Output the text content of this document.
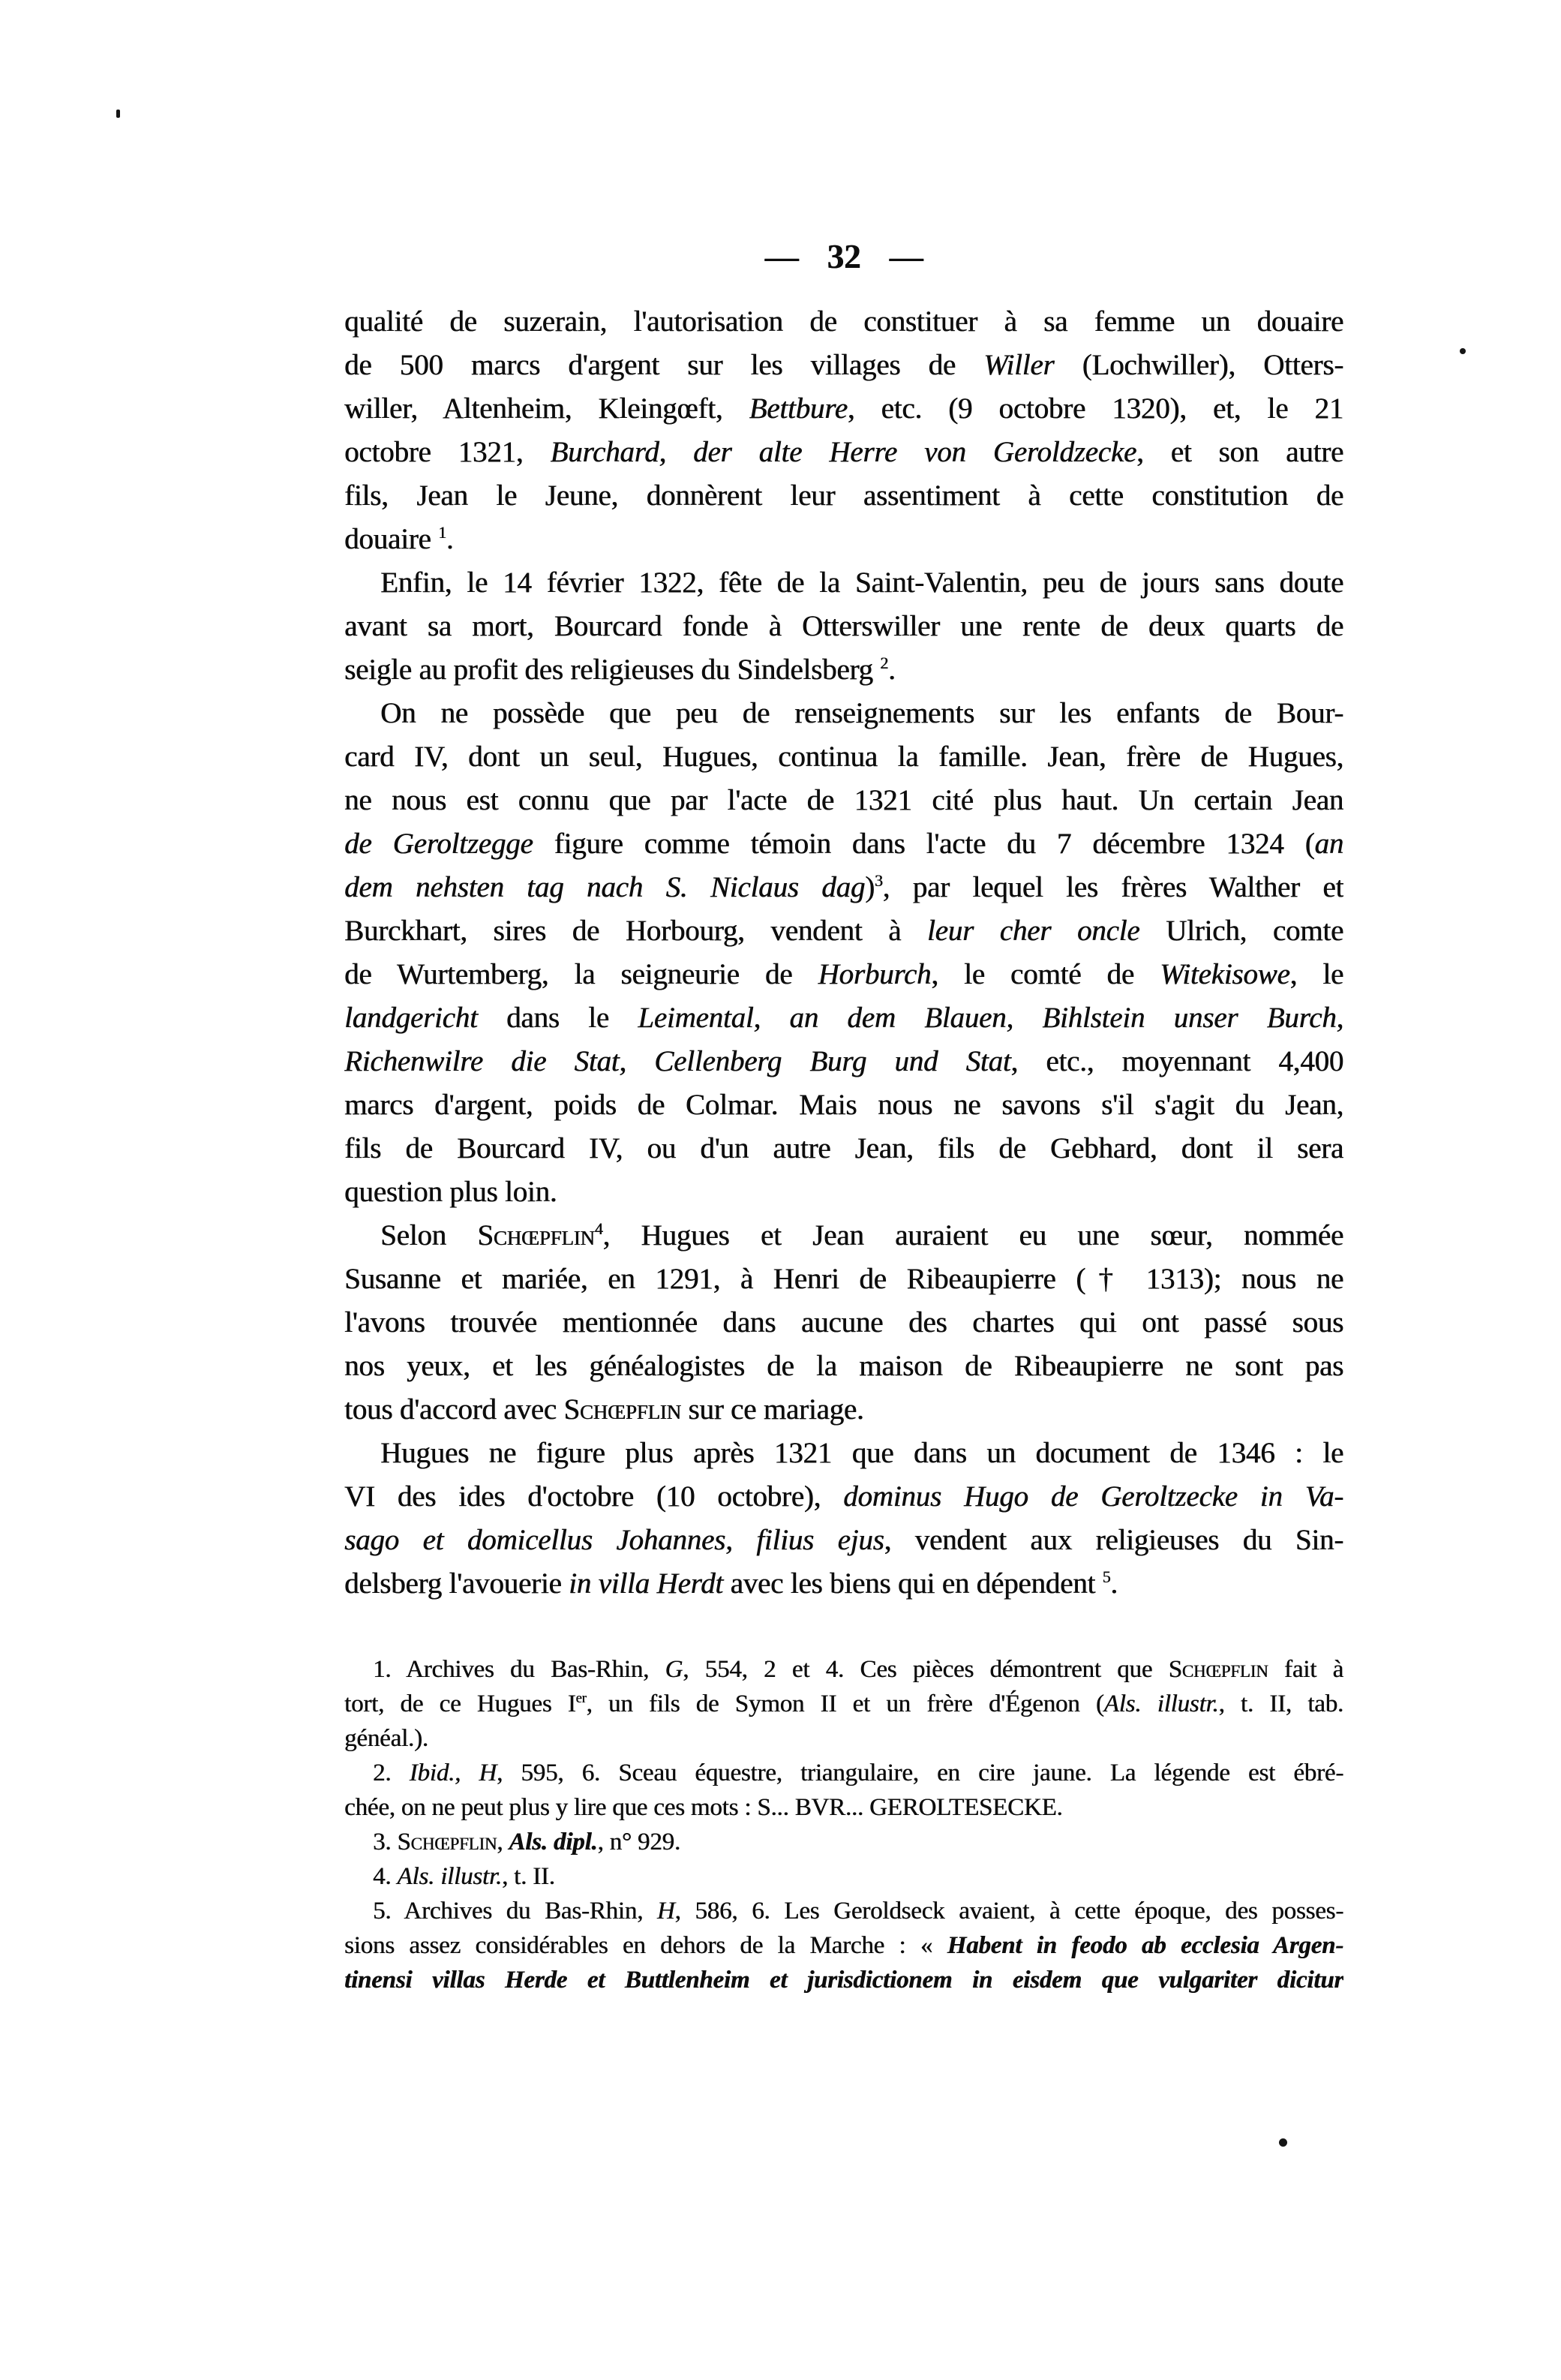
— 32 —
qualité de suzerain, l'autorisation de constituer à sa femme un douaire
de 500 marcs d'argent sur les villages de Willer (Lochwiller), Otters-
willer, Altenheim, Kleingœft, Bettbure, etc. (9 octobre 1320), et, le 21
octobre 1321, Burchard, der alte Herre von Geroldzecke, et son autre
fils, Jean le Jeune, donnèrent leur assentiment à cette constitution de
douaire $^1$.
Enfin, le 14 février 1322, fête de la Saint-Valentin, peu de jours sans doute
avant sa mort, Bourcard fonde à Otterswiller une rente de deux quarts de
seigle au profit des religieuses du Sindelsberg $^2$.
On ne possède que peu de renseignements sur les enfants de Bour-
card IV, dont un seul, Hugues, continua la famille. Jean, frère de Hugues,
ne nous est connu que par l'acte de 1321 cité plus haut. Un certain Jean
de Geroltzegge figure comme témoin dans l'acte du 7 décembre 1324 (an
dem nehsten tag nach S. Niclaus dag)$^3$, par lequel les frères Walther et
Burckhart, sires de Horbourg, vendent à leur cher oncle Ulrich, comte
de Wurtemberg, la seigneurie de Horburch, le comté de Witekisowe, le
landgericht dans le Leimental, an dem Blauen, Bihlstein unser Burch,
Richenwilre die Stat, Cellenberg Burg und Stat, etc., moyennant 4,400
marcs d'argent, poids de Colmar. Mais nous ne savons s'il s'agit du Jean,
fils de Bourcard IV, ou d'un autre Jean, fils de Gebhard, dont il sera
question plus loin.
Selon Schœpflin$^4$, Hugues et Jean auraient eu une sœur, nommée
Susanne et mariée, en 1291, à Henri de Ribeaupierre († 1313); nous ne
l'avons trouvée mentionnée dans aucune des chartes qui ont passé sous
nos yeux, et les généalogistes de la maison de Ribeaupierre ne sont pas
tous d'accord avec Schœpflin sur ce mariage.
Hugues ne figure plus après 1321 que dans un document de 1346 : le
VI des ides d'octobre (10 octobre), dominus Hugo de Geroltzecke in Va-
sago et domicellus Johannes, filius ejus, vendent aux religieuses du Sin-
delsberg l'avouerie in villa Herdt avec les biens qui en dépendent $^5$.
1. Archives du Bas-Rhin, G, 554, 2 et 4. Ces pièces démontrent que Schœpflin fait à
tort, de ce Hugues Ier, un fils de Symon II et un frère d'Égenon (Als. illustr., t. II, tab.
généal.).
2. Ibid., H, 595, 6. Sceau équestre, triangulaire, en cire jaune. La légende est ébré-
chée, on ne peut plus y lire que ces mots : S... BVR... GEROLTESECKE.
3. Schœpflin, Als. dipl., n° 929.
4. Als. illustr., t. II.
5. Archives du Bas-Rhin, H, 586, 6. Les Geroldseck avaient, à cette époque, des posses-
sions assez considérables en dehors de la Marche : « Habent in feodo ab ecclesia Argen-
tinensi villas Herde et Buttlenheim et jurisdictionem in eisdem que vulgariter dicitur
